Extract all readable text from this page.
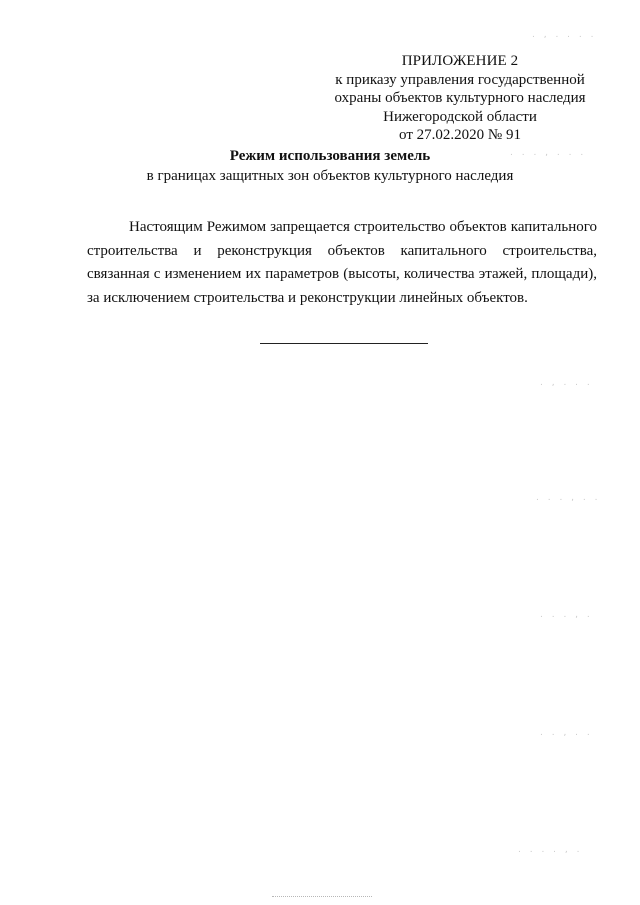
ПРИЛОЖЕНИЕ 2
к приказу управления государственной
охраны объектов культурного наследия
Нижегородской области
от 27.02.2020 № 91
Режим использования земель
в границах защитных зон объектов культурного наследия

Настоящим Режимом запрещается строительство объектов капитального строительства и реконструкция объектов капитального строительства, связанная с изменением их параметров (высоты, количества этажей, площади), за исключением строительства и реконструкции линейных объектов.

. , . . . .
. . . , . . .
. , . . .
. . . , . .
. . . , .
. . , . .
. . . . , .
